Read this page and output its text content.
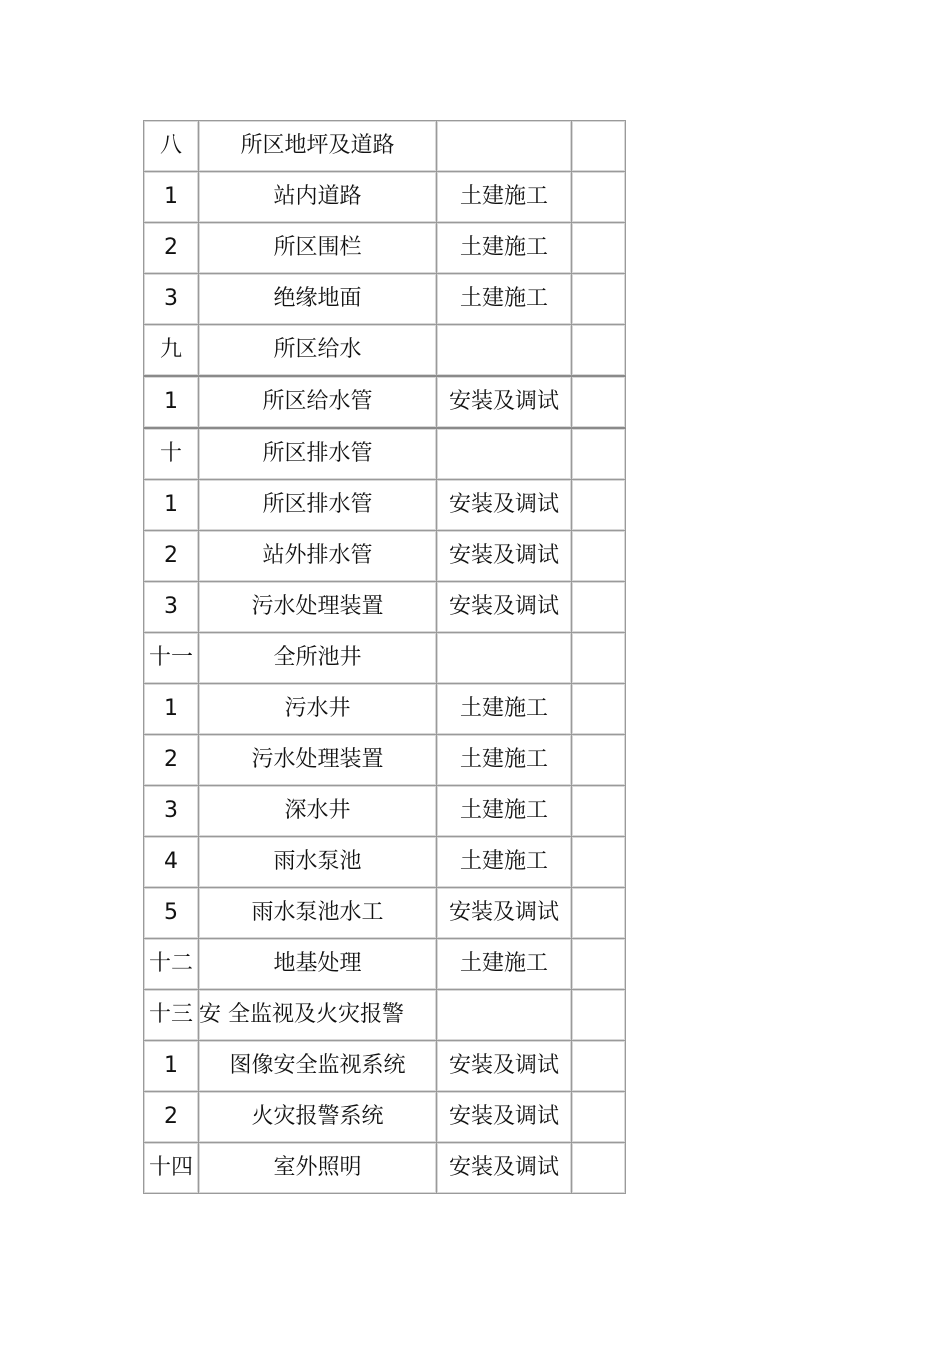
八	所区地坪及道路		
1	站内道路	土建施工	
2	所区围栏	土建施工	
3	绝缘地面	土建施工	
九	所区给水		
1	所区给水管	安装及调试	
十	所区排水管		
1	所区排水管	安装及调试	
2	站外排水管	安装及调试	
3	污水处理装置	安装及调试	
十一	全所池井		
1	污水井	土建施工	
2	污水处理装置	土建施工	
3	深水井	土建施工	
4	雨水泵池	土建施工	
5	雨水泵池水工	安装及调试	
十二	地基处理	土建施工	
十三	安 全监视及火灾报警		
1	图像安全监视系统	安装及调试	
2	火灾报警系统	安装及调试	
十四	室外照明	安装及调试	
